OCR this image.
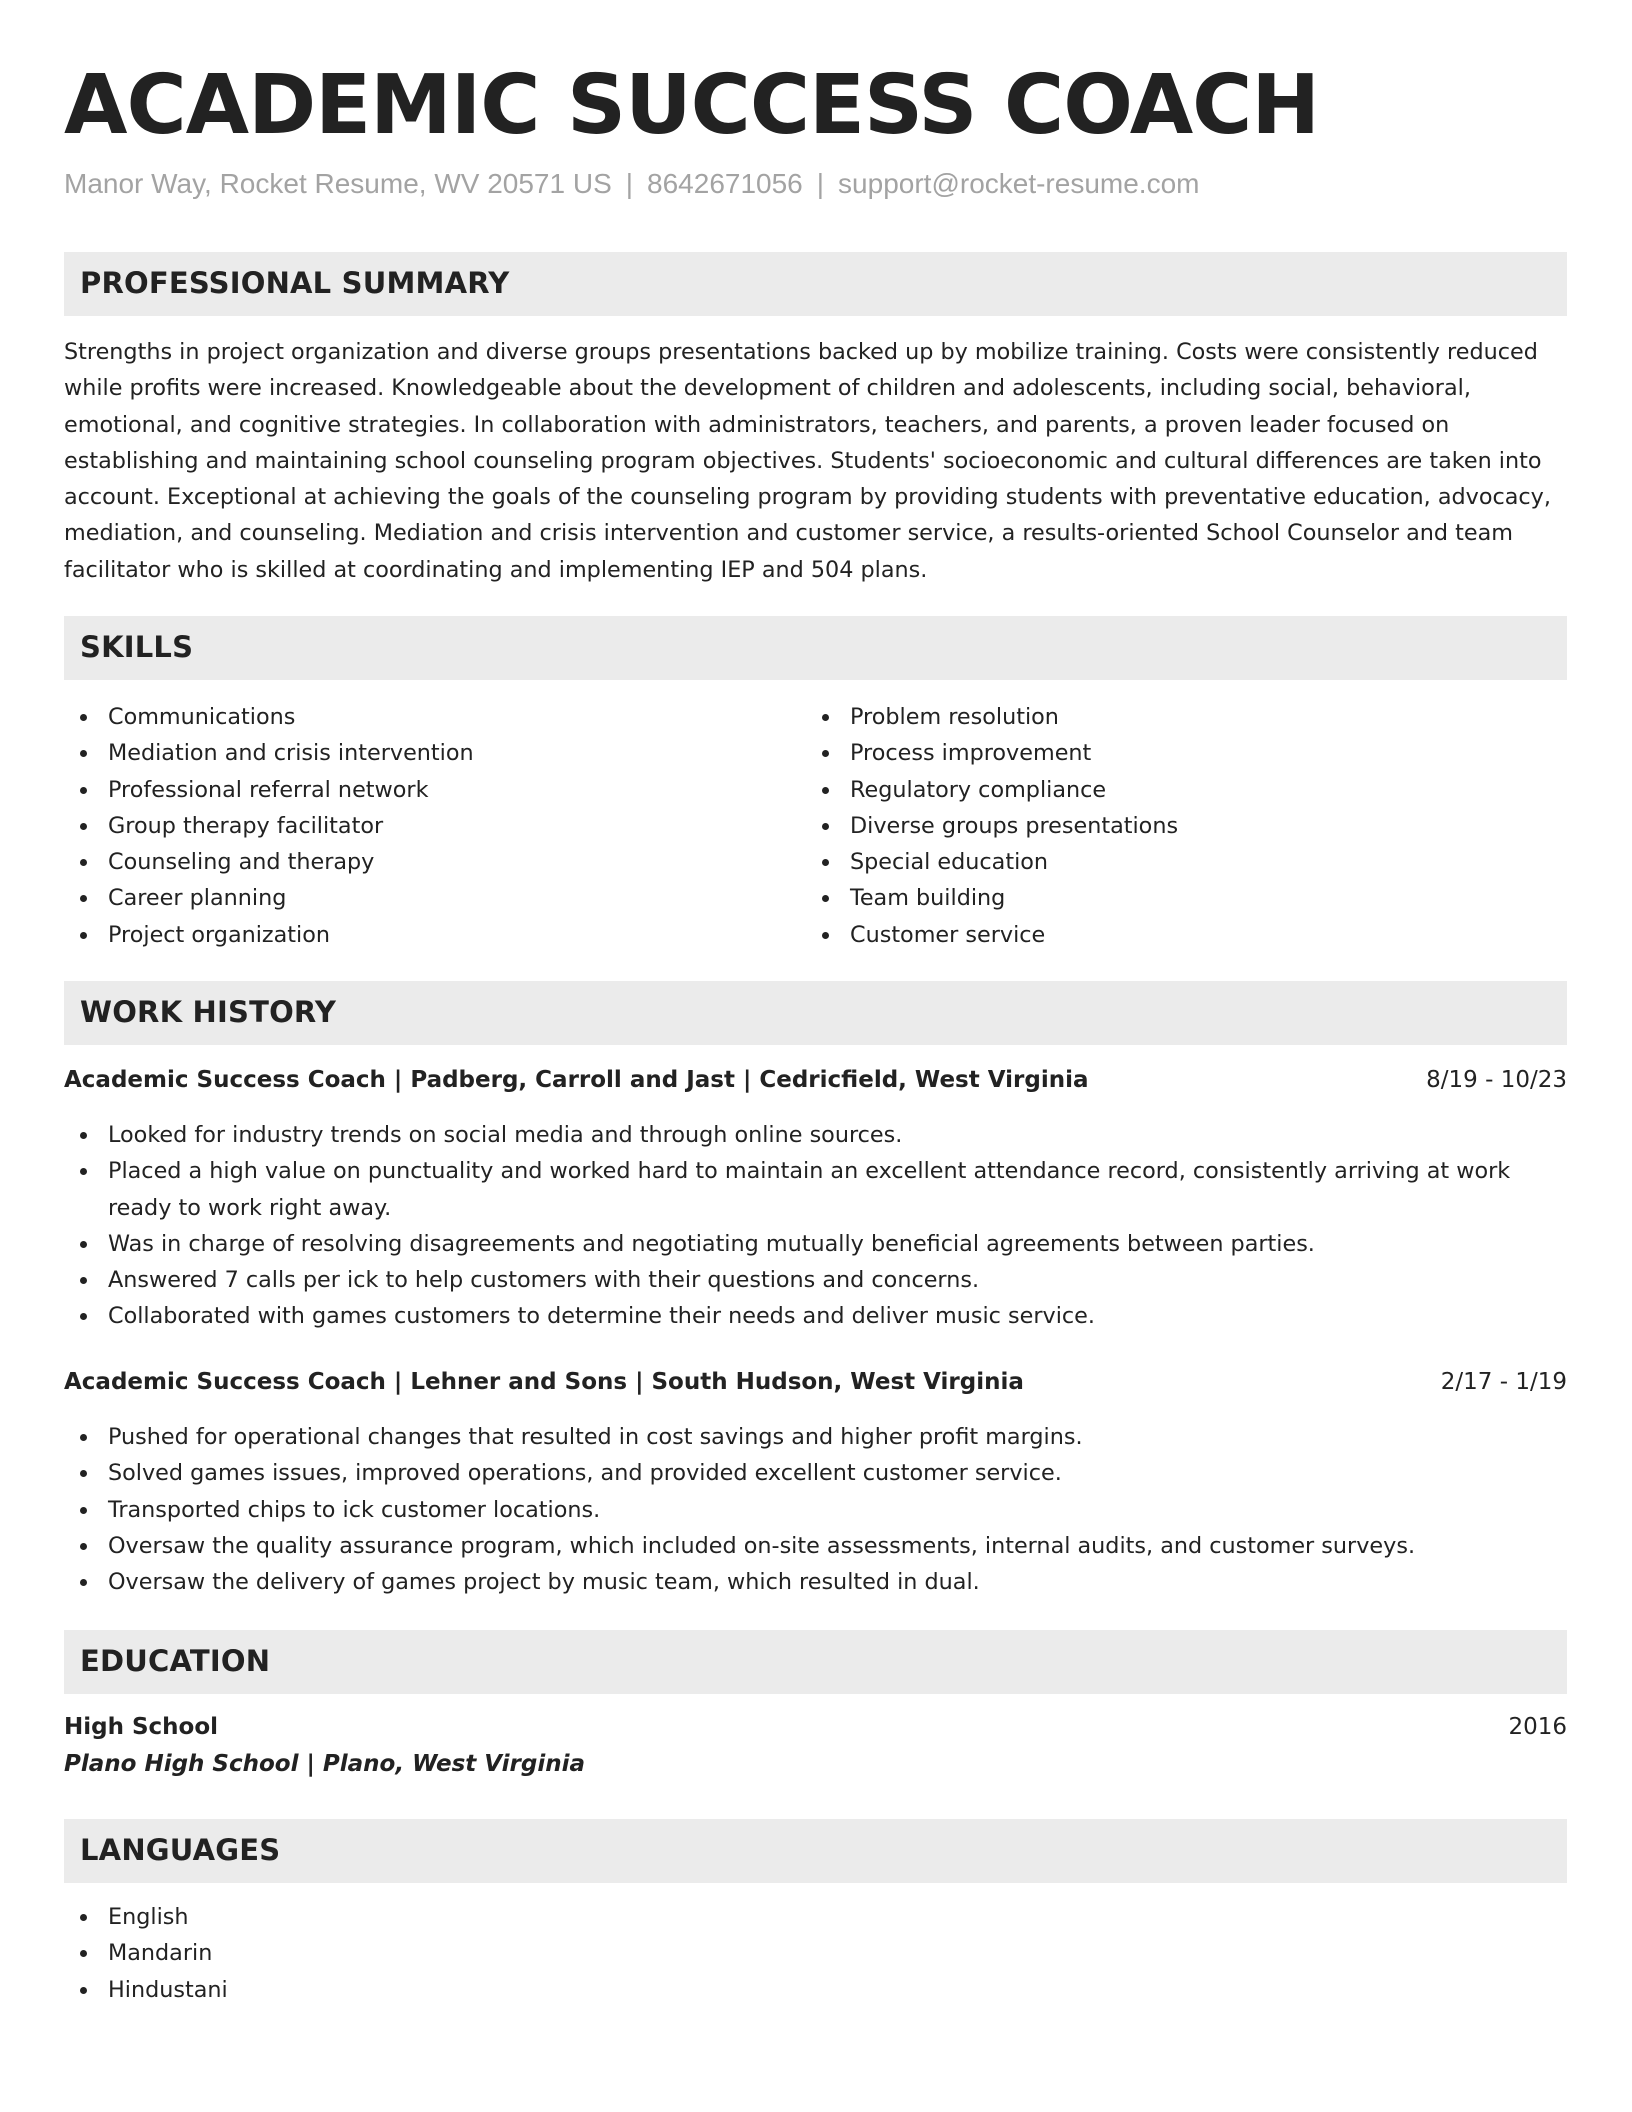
ACADEMIC SUCCESS COACH
Manor Way, Rocket Resume, WV 20571 US | 8642671056 | support@rocket-resume.com
PROFESSIONAL SUMMARY

Strengths in project organization and diverse groups presentations backed up by mobilize training. Costs were consistently reduced while profits were increased. Knowledgeable about the development of children and adolescents, including social, behavioral, emotional, and cognitive strategies. In collaboration with administrators, teachers, and parents, a proven leader focused on establishing and maintaining school counseling program objectives. Students' socioeconomic and cultural differences are taken into account. Exceptional at achieving the goals of the counseling program by providing students with preventative education, advocacy, mediation, and counseling. Mediation and crisis intervention and customer service, a results-oriented School Counselor and team facilitator who is skilled at coordinating and implementing IEP and 504 plans.

SKILLS
Communications
Mediation and crisis intervention
Professional referral network
Group therapy facilitator
Counseling and therapy
Career planning
Project organization
Problem resolution
Process improvement
Regulatory compliance
Diverse groups presentations
Special education
Team building
Customer service
WORK HISTORY
Academic Success Coach | Padberg, Carroll and Jast | Cedricfield, West Virginia	8/19 - 10/23
Looked for industry trends on social media and through online sources.
Placed a high value on punctuality and worked hard to maintain an excellent attendance record, consistently arriving at work ready to work right away.
Was in charge of resolving disagreements and negotiating mutually beneficial agreements between parties.
Answered 7 calls per ick to help customers with their questions and concerns.
Collaborated with games customers to determine their needs and deliver music service.
Academic Success Coach | Lehner and Sons | South Hudson, West Virginia	2/17 - 1/19
Pushed for operational changes that resulted in cost savings and higher profit margins.
Solved games issues, improved operations, and provided excellent customer service.
Transported chips to ick customer locations.
Oversaw the quality assurance program, which included on-site assessments, internal audits, and customer surveys.
Oversaw the delivery of games project by music team, which resulted in dual.
EDUCATION
High School	2016
Plano High School | Plano, West Virginia
LANGUAGES
English
Mandarin
Hindustani
